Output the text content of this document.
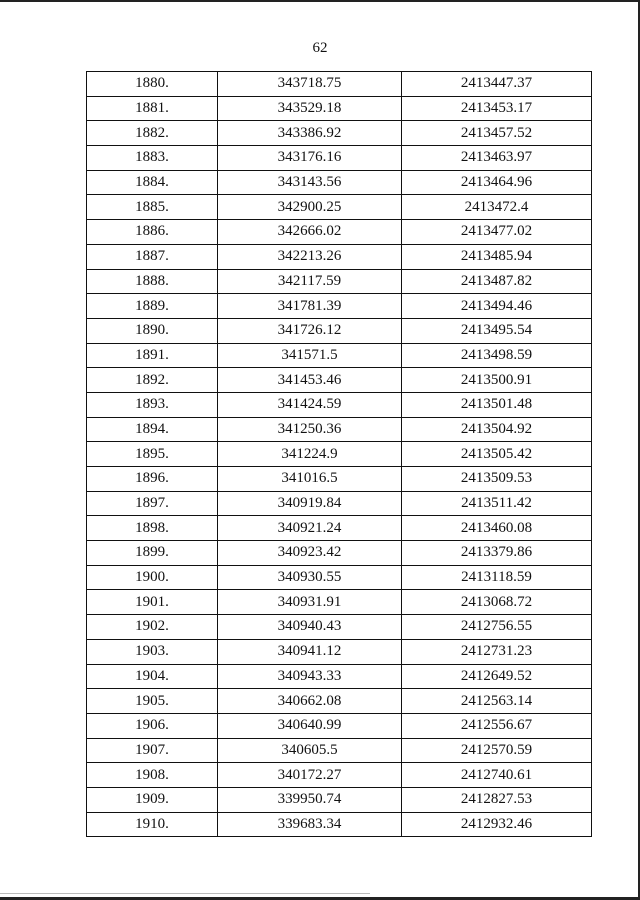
62
1880.	343718.75	2413447.37
1881.	343529.18	2413453.17
1882.	343386.92	2413457.52
1883.	343176.16	2413463.97
1884.	343143.56	2413464.96
1885.	342900.25	2413472.4
1886.	342666.02	2413477.02
1887.	342213.26	2413485.94
1888.	342117.59	2413487.82
1889.	341781.39	2413494.46
1890.	341726.12	2413495.54
1891.	341571.5	2413498.59
1892.	341453.46	2413500.91
1893.	341424.59	2413501.48
1894.	341250.36	2413504.92
1895.	341224.9	2413505.42
1896.	341016.5	2413509.53
1897.	340919.84	2413511.42
1898.	340921.24	2413460.08
1899.	340923.42	2413379.86
1900.	340930.55	2413118.59
1901.	340931.91	2413068.72
1902.	340940.43	2412756.55
1903.	340941.12	2412731.23
1904.	340943.33	2412649.52
1905.	340662.08	2412563.14
1906.	340640.99	2412556.67
1907.	340605.5	2412570.59
1908.	340172.27	2412740.61
1909.	339950.74	2412827.53
1910.	339683.34	2412932.46
